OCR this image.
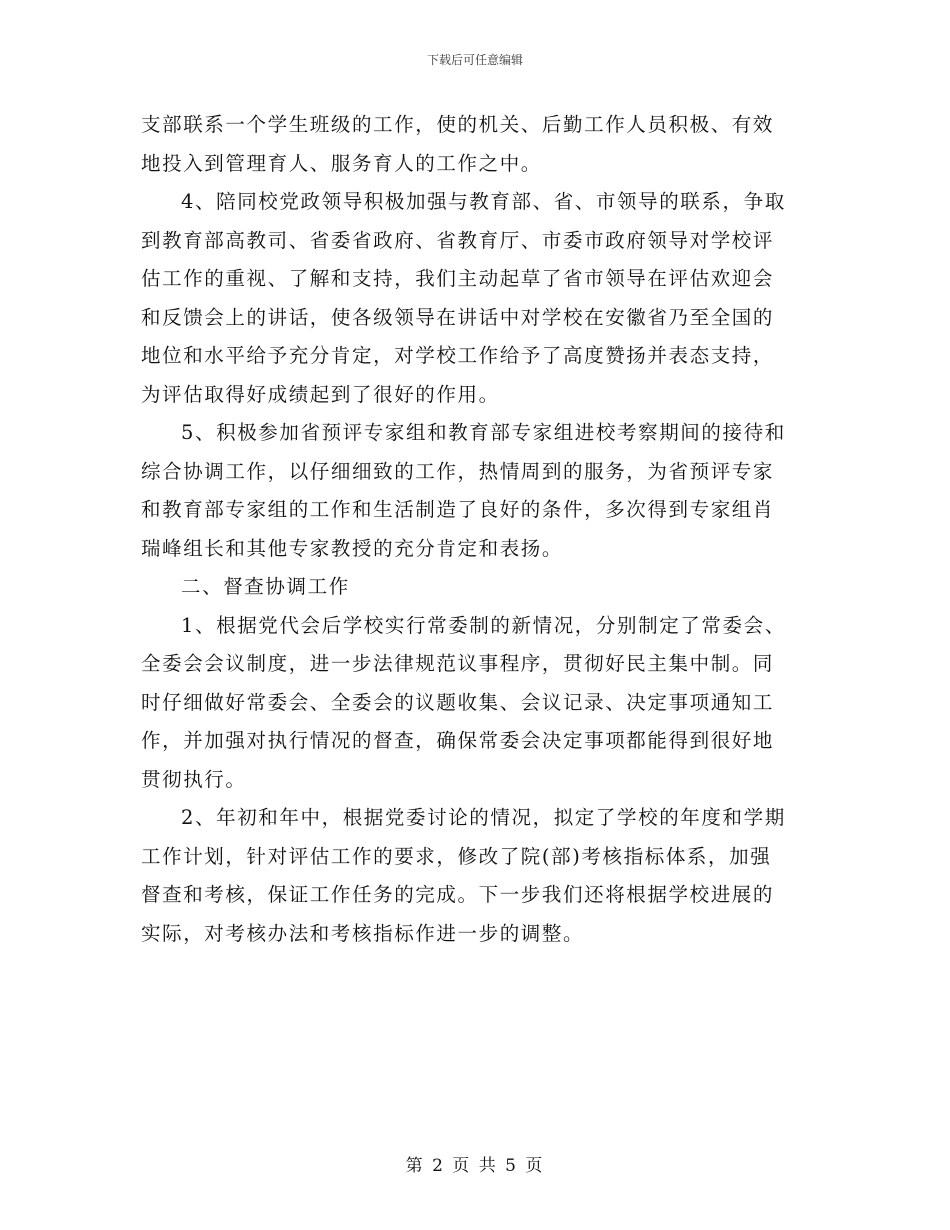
下载后可任意编辑
支部联系一个学生班级的工作，使的机关、后勤工作人员积极、有效
地投入到管理育人、服务育人的工作之中。
4、陪同校党政领导积极加强与教育部、省、市领导的联系，争取
到教育部高教司、省委省政府、省教育厅、市委市政府领导对学校评
估工作的重视、了解和支持，我们主动起草了省市领导在评估欢迎会
和反馈会上的讲话，使各级领导在讲话中对学校在安徽省乃至全国的
地位和水平给予充分肯定，对学校工作给予了高度赞扬并表态支持，
为评估取得好成绩起到了很好的作用。
5、积极参加省预评专家组和教育部专家组进校考察期间的接待和
综合协调工作，以仔细细致的工作，热情周到的服务，为省预评专家
和教育部专家组的工作和生活制造了良好的条件，多次得到专家组肖
瑞峰组长和其他专家教授的充分肯定和表扬。
二、督查协调工作
1、根据党代会后学校实行常委制的新情况，分别制定了常委会、
全委会会议制度，进一步法律规范议事程序，贯彻好民主集中制。同
时仔细做好常委会、全委会的议题收集、会议记录、决定事项通知工
作，并加强对执行情况的督查，确保常委会决定事项都能得到很好地
贯彻执行。
2、年初和年中，根据党委讨论的情况，拟定了学校的年度和学期
工作计划，针对评估工作的要求，修改了院(部)考核指标体系，加强
督查和考核，保证工作任务的完成。下一步我们还将根据学校进展的
实际，对考核办法和考核指标作进一步的调整。
第 2 页 共 5 页
